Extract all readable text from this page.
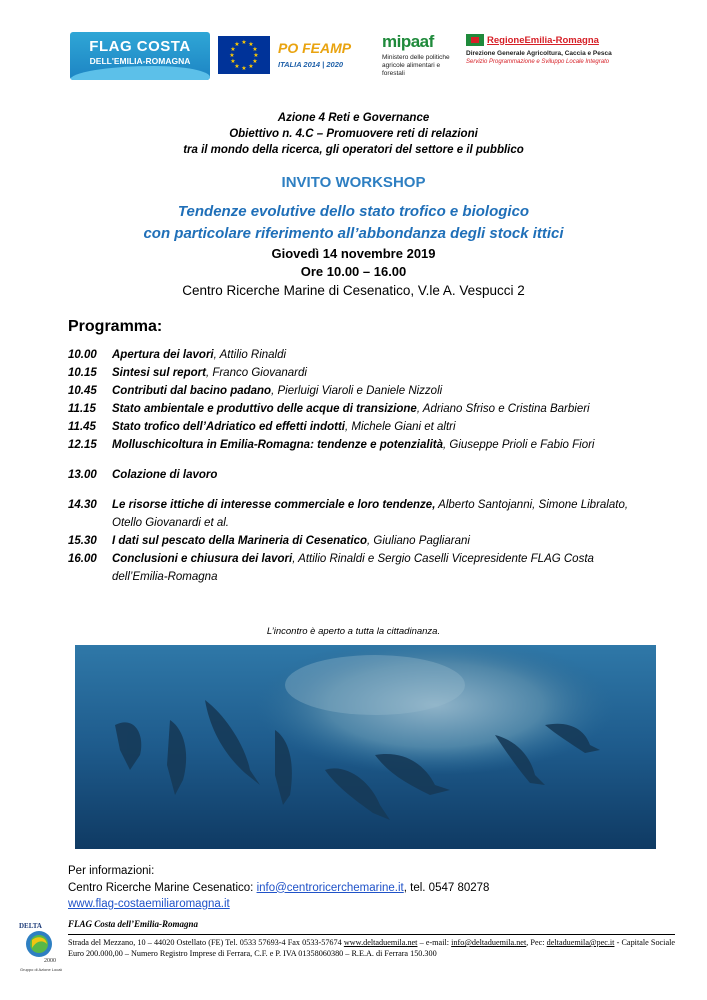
FLAG COSTA
DELL'EMILIA-ROMAGNA
★ ★
★
★
★
★
★
★
★
★
★
★	PO FEAMP
ITALIA 2014 | 2020
mipaaf
Ministero delle politiche agricole alimentari e forestali
RegioneEmilia-Romagna
Direzione Generale Agricoltura, Caccia e Pesca
Servizio Programmazione e Sviluppo Locale Integrato
Azione 4 Reti e Governance
Obiettivo n. 4.C – Promuovere reti di relazioni
tra il mondo della ricerca, gli operatori del settore e il pubblico
INVITO WORKSHOP
Tendenze evolutive dello stato trofico e biologico
con particolare riferimento all’abbondanza degli stock ittici
Giovedì 14 novembre 2019
Ore 10.00 – 16.00
Centro Ricerche Marine di Cesenatico, V.le A. Vespucci 2
Programma:
10.00	Apertura dei lavori, Attilio Rinaldi
10.15	Sintesi sul report, Franco Giovanardi
10.45	Contributi dal bacino padano, Pierluigi Viaroli e Daniele Nizzoli
11.15	Stato ambientale e produttivo delle acque di transizione, Adriano Sfriso e Cristina Barbieri
11.45	Stato trofico dell’Adriatico ed effetti indotti, Michele Giani et altri
12.15	Molluschicoltura in Emilia-Romagna: tendenze e potenzialità, Giuseppe Prioli e Fabio Fiori
13.00	Colazione di lavoro
14.30	Le risorse ittiche di interesse commerciale e loro tendenze, Alberto Santojanni, Simone Libralato, Otello Giovanardi et al.
15.30	I dati sul pescato della Marineria di Cesenatico, Giuliano Pagliarani
16.00	Conclusioni e chiusura dei lavori, Attilio Rinaldi e Sergio Caselli Vicepresidente FLAG Costa dell’Emilia-Romagna
L’incontro è aperto a tutta la cittadinanza.
Per informazioni:
Centro Ricerche Marine Cesenatico: info@centroricerchemarine.it, tel. 0547 80278
www.flag-costaemiliaromagna.it
DELTA
2000
Gruppo di Azione Locale
FLAG Costa dell’Emilia-Romagna
Strada del Mezzano, 10 – 44020 Ostellato (FE) Tel. 0533 57693-4 Fax 0533-57674 www.deltaduemila.net – e-mail: info@deltaduemila.net, Pec: deltaduemila@pec.it - Capitale Sociale Euro 200.000,00 – Numero Registro Imprese di Ferrara, C.F. e P. IVA 01358060380 – R.E.A. di Ferrara 150.300
